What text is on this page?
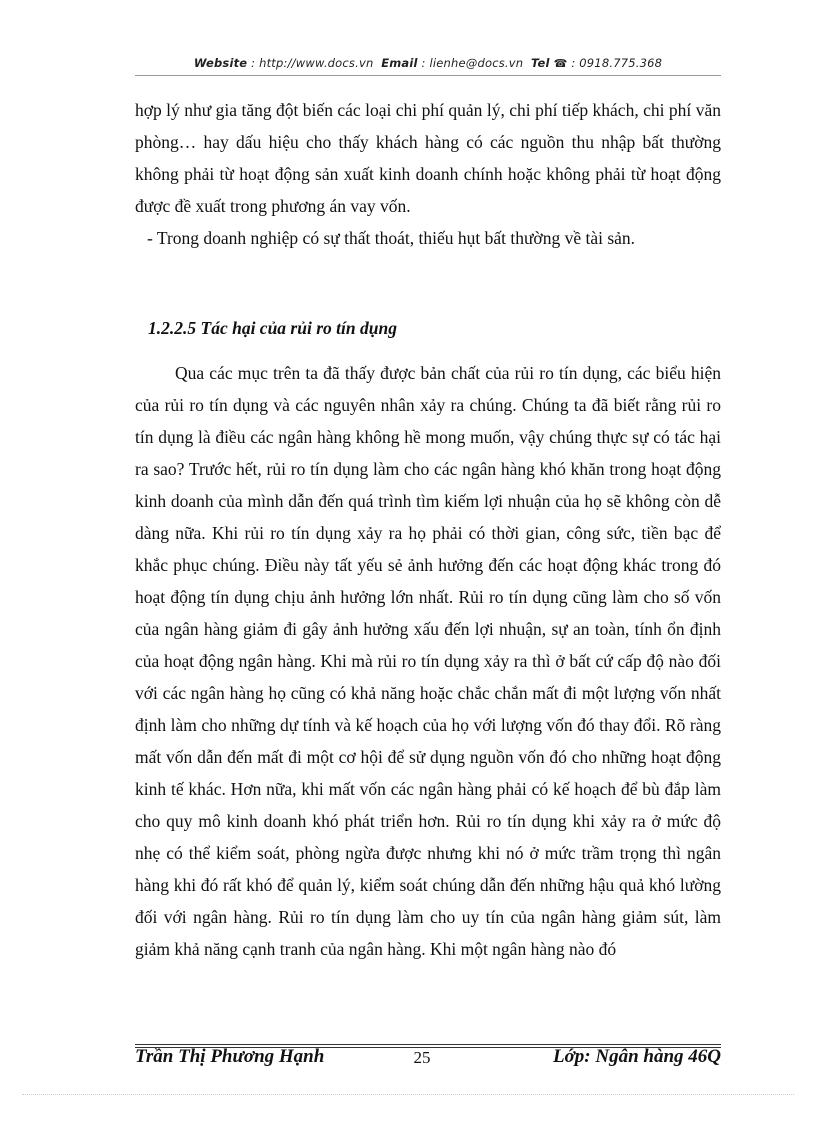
Website : http://www.docs.vn Email : lienhe@docs.vn Tel ☎ : 0918.775.368

hợp lý như gia tăng đột biến các loại chi phí quản lý, chi phí tiếp khách, chi phí văn phòng… hay dấu hiệu cho thấy khách hàng có các nguồn thu nhập bất thường không phải từ hoạt động sản xuất kinh doanh chính hoặc không phải từ hoạt động được đề xuất trong phương án vay vốn.

- Trong doanh nghiệp có sự thất thoát, thiếu hụt bất thường về tài sản.

1.2.2.5 Tác hại của rủi ro tín dụng

Qua các mục trên ta đã thấy được bản chất của rủi ro tín dụng, các biểu hiện của rủi ro tín dụng và các nguyên nhân xảy ra chúng. Chúng ta đã biết rằng rủi ro tín dụng là điều các ngân hàng không hề mong muốn, vậy chúng thực sự có tác hại ra sao? Trước hết, rủi ro tín dụng làm cho các ngân hàng khó khăn trong hoạt động kinh doanh của mình dẫn đến quá trình tìm kiếm lợi nhuận của họ sẽ không còn dễ dàng nữa. Khi rủi ro tín dụng xảy ra họ phải có thời gian, công sức, tiền bạc để khắc phục chúng. Điều này tất yếu sẻ ảnh hưởng đến các hoạt động khác trong đó hoạt động tín dụng chịu ảnh hưởng lớn nhất. Rủi ro tín dụng cũng làm cho số vốn của ngân hàng giảm đi gây ảnh hưởng xấu đến lợi nhuận, sự an toàn, tính ổn định của hoạt động ngân hàng. Khi mà rủi ro tín dụng xảy ra thì ở bất cứ cấp độ nào đối với các ngân hàng họ cũng có khả năng hoặc chắc chắn mất đi một lượng vốn nhất định làm cho những dự tính và kế hoạch của họ với lượng vốn đó thay đổi. Rõ ràng mất vốn dẫn đến mất đi một cơ hội để sử dụng nguồn vốn đó cho những hoạt động kinh tế khác. Hơn nữa, khi mất vốn các ngân hàng phải có kế hoạch để bù đắp làm cho quy mô kinh doanh khó phát triển hơn. Rủi ro tín dụng khi xảy ra ở mức độ nhẹ có thể kiểm soát, phòng ngừa được nhưng khi nó ở mức trầm trọng thì ngân hàng khi đó rất khó để quản lý, kiểm soát chúng dẫn đến những hậu quả khó lường đối với ngân hàng. Rủi ro tín dụng làm cho uy tín của ngân hàng giảm sút, làm giảm khả năng cạnh tranh của ngân hàng. Khi một ngân hàng nào đó

Trần Thị Phương Hạnh	25	Lớp: Ngân hàng 46Q
